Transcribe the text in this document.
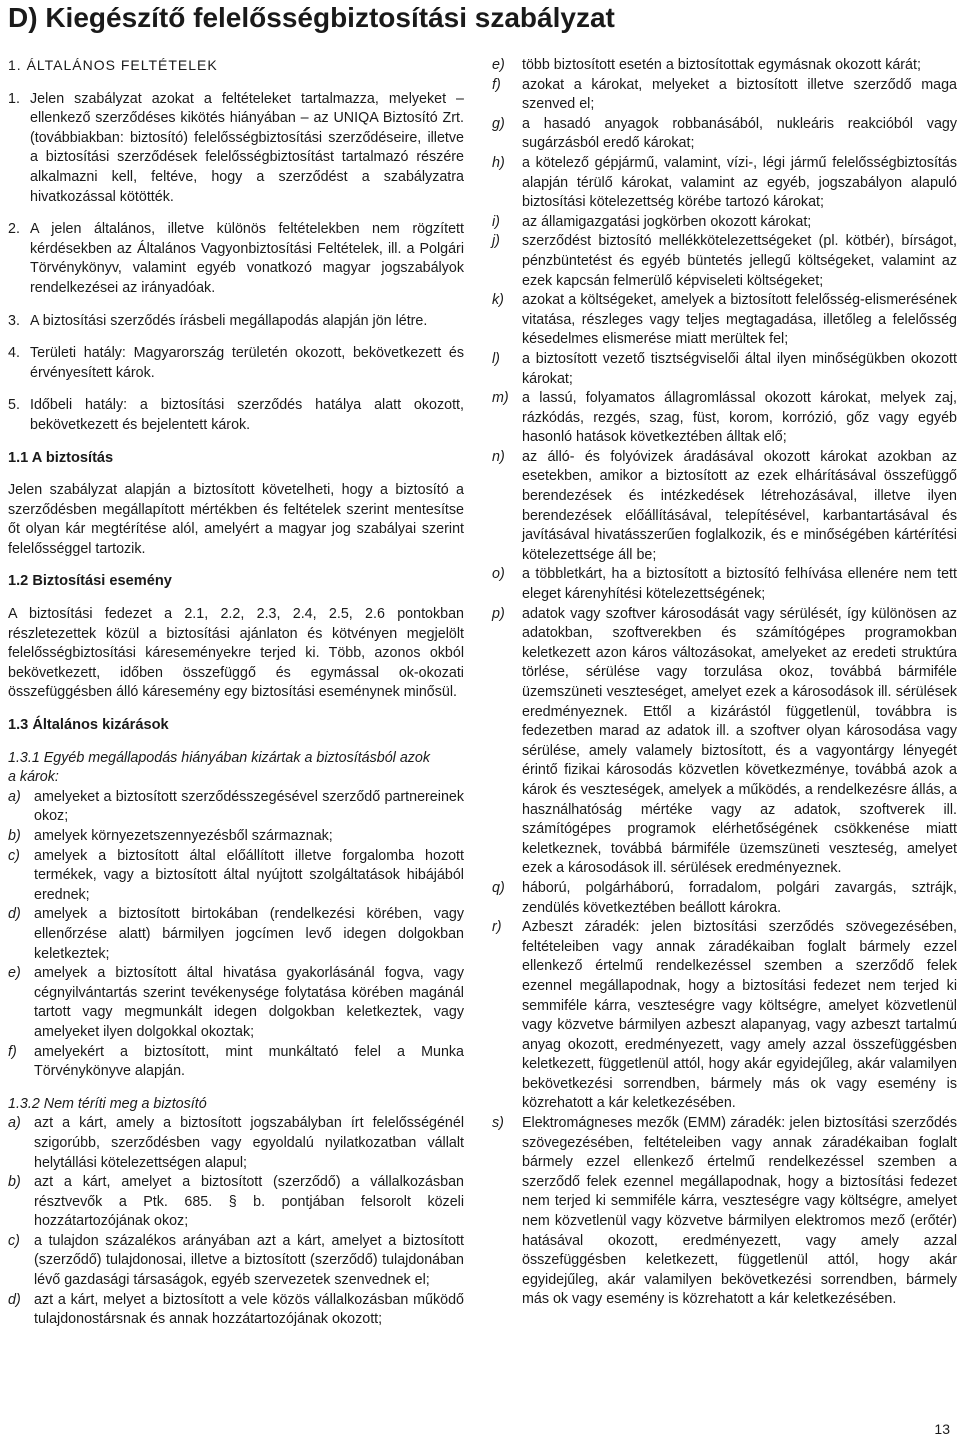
D) Kiegészítő felelősségbiztosítási szabályzat
1. ÁLTALÁNOS FELTÉTELEK
1. Jelen szabályzat azokat a feltételeket tartalmazza, melyeket – ellenkező szerződéses kikötés hiányában – az UNIQA Biztosító Zrt. (továbbiakban: biztosító) felelősségbiztosítási szerződéseire, illetve a biztosítási szerződések felelősségbiztosítást tartalmazó részére alkalmazni kell, feltéve, hogy a szerződést a szabályzatra hivatkozással kötötték.
2. A jelen általános, illetve különös feltételekben nem rögzített kérdésekben az Általános Vagyonbiztosítási Feltételek, ill. a Polgári Törvénykönyv, valamint egyéb vonatkozó magyar jogszabályok rendelkezései az irányadóak.
3. A biztosítási szerződés írásbeli megállapodás alapján jön létre.
4. Területi hatály: Magyarország területén okozott, bekövetkezett és érvényesített károk.
5. Időbeli hatály: a biztosítási szerződés hatálya alatt okozott, bekövetkezett és bejelentett károk.
1.1 A biztosítás

Jelen szabályzat alapján a biztosított követelheti, hogy a biztosító a szerződésben megállapított mértékben és feltételek szerint mentesítse őt olyan kár megtérítése alól, amelyért a magyar jog szabályai szerint felelősséggel tartozik.

1.2 Biztosítási esemény

A biztosítási fedezet a 2.1, 2.2, 2.3, 2.4, 2.5, 2.6 pontokban részletezettek közül a biztosítási ajánlaton és kötvényen megjelölt felelősségbiztosítási káreseményekre terjed ki. Több, azonos okból bekövetkezett, időben összefüggő és egymással ok-okozati összefüggésben álló káresemény egy biztosítási eseménynek minősül.

1.3 Általános kizárások

1.3.1 Egyéb megállapodás hiányában kizártak a biztosításból azok

a károk:

a) amelyeket a biztosított szerződésszegésével szerződő partnereinek okoz;
b) amelyek környezetszennyezésből származnak;
c) amelyek a biztosított által előállított illetve forgalomba hozott termékek, vagy a biztosított által nyújtott szolgáltatások hibájából erednek;
d) amelyek a biztosított birtokában (rendelkezési körében, vagy ellenőrzése alatt) bármilyen jogcímen levő idegen dolgokban keletkeztek;
e) amelyek a biztosított által hivatása gyakorlásánál fogva, vagy cégnyilvántartás szerint tevékenysége folytatása körében magánál tartott vagy megmunkált idegen dolgokban keletkeztek, vagy amelyeket ilyen dolgokkal okoztak;
f)	amelyekért a biztosított, mint munkáltató felel a Munka Törvénykönyve alapján.

1.3.2 Nem téríti meg a biztosító

a) azt a kárt, amely a biztosított jogszabályban írt felelősségénél szigorúbb, szerződésben vagy egyoldalú nyilatkozatban vállalt helytállási kötelezettségen alapul;
b) azt a kárt, amelyet a biztosított (szerződő) a vállalkozásban résztvevők a Ptk. 685. § b. pontjában felsorolt közeli hozzátartozójának okoz;
c) a tulajdon százalékos arányában azt a kárt, amelyet a biztosított (szerződő) tulajdonosai, illetve a biztosított (szerződő) tulajdonában lévő gazdasági társaságok, egyéb szervezetek szenvednek el;
d) azt a kárt, melyet a biztosított a vele közös vállalkozásban működő tulajdonostársnak és annak hozzátartozójának okozott;
e)	több biztosított esetén a biztosítottak egymásnak okozott kárát;
f)	azokat a károkat, melyeket a biztosított illetve szerződő maga szenved el;
g)	a hasadó anyagok robbanásából, nukleáris reakcióból vagy sugárzásból eredő károkat;
h)	a kötelező gépjármű, valamint, vízi-, légi jármű felelősségbiztosítás alapján térülő károkat, valamint az egyéb, jogszabályon alapuló biztosítási kötelezettség körébe tartozó károkat;
i)	az államigazgatási jogkörben okozott károkat;
j)	szerződést biztosító mellékkötelezettségeket (pl. kötbér), bírságot, pénzbüntetést és egyéb büntetés jellegű költségeket, valamint az ezek kapcsán felmerülő képviseleti költségeket;
k)	azokat a költségeket, amelyek a biztosított felelősség-elismerésének vitatása, részleges vagy teljes megtagadása, illetőleg a felelősség késedelmes elismerése miatt merültek fel;
l)	a biztosított vezető tisztségviselői által ilyen minőségükben okozott károkat;
m) a lassú, folyamatos állagromlással okozott károkat, melyek zaj, rázkódás, rezgés, szag, füst, korom, korrózió, gőz vagy egyéb hasonló hatások következtében álltak elő;
n)	az álló- és folyóvizek áradásával okozott károkat azokban az esetekben, amikor a biztosított az ezek elhárításával összefüggő berendezések és intézkedések létrehozásával, illetve ilyen berendezések előállításával, telepítésével, karbantartásával és javításával hivatásszerűen foglalkozik, és e minőségében kártérítési kötelezettsége áll be;
o)	a többletkárt, ha a biztosított a biztosító felhívása ellenére nem tett eleget kárenyhítési kötelezettségének;
p)	adatok vagy szoftver károsodását vagy sérülését, így különösen az adatokban, szoftverekben és számítógépes programokban keletkezett azon káros változásokat, amelyeket az eredeti struktúra törlése, sérülése vagy torzulása okoz, továbbá bármiféle üzemszüneti veszteséget, amelyet ezek a károsodások ill. sérülések eredményeznek. Ettől a kizárástól függetlenül, továbbra is fedezetben marad az adatok ill. a szoftver olyan károsodása vagy sérülése, amely valamely biztosított, és a vagyontárgy lényegét érintő fizikai károsodás közvetlen következménye, továbbá azok a károk és veszteségek, amelyek a működés, a rendelkezésre állás, a használhatóság mértéke vagy az adatok, szoftverek ill. számítógépes programok elérhetőségének csökkenése miatt keletkeznek, továbbá bármiféle üzemszüneti veszteség, amelyet ezek a károsodások ill. sérülések eredményeznek.
q)	háború, polgárháború, forradalom, polgári zavargás, sztrájk, zendülés következtében beállott károkra.
r)	Azbeszt záradék: jelen biztosítási szerződés szövegezésében, feltételeiben vagy annak záradékaiban foglalt bármely ezzel ellenkező értelmű rendelkezéssel szemben a szerződő felek ezennel megállapodnak, hogy a biztosítási fedezet nem terjed ki semmiféle kárra, veszteségre vagy költségre, amelyet közvetlenül vagy közvetve bármilyen azbeszt alapanyag, vagy azbeszt tartalmú anyag okozott, eredményezett, vagy amely azzal összefüggésben keletkezett, függetlenül attól, hogy akár egyidejűleg, akár valamilyen bekövetkezési sorrendben, bármely más ok vagy esemény is közrehatott a kár keletkezésében.
s)	Elektromágneses mezők (EMM) záradék: jelen biztosítási szerződés szövegezésében, feltételeiben vagy annak záradékaiban foglalt bármely ezzel ellenkező értelmű rendelkezéssel szemben a szerződő felek ezennel megállapodnak, hogy a biztosítási fedezet nem terjed ki semmiféle kárra, veszteségre vagy költségre, amelyet nem közvetlenül vagy közvetve bármilyen elektromos mező (erőtér) hatásával okozott, eredményezett, vagy amely azzal összefüggésben keletkezett, függetlenül attól, hogy akár egyidejűleg, akár valamilyen bekövetkezési sorrendben, bármely más ok vagy esemény is közrehatott a kár keletkezésében.
13
